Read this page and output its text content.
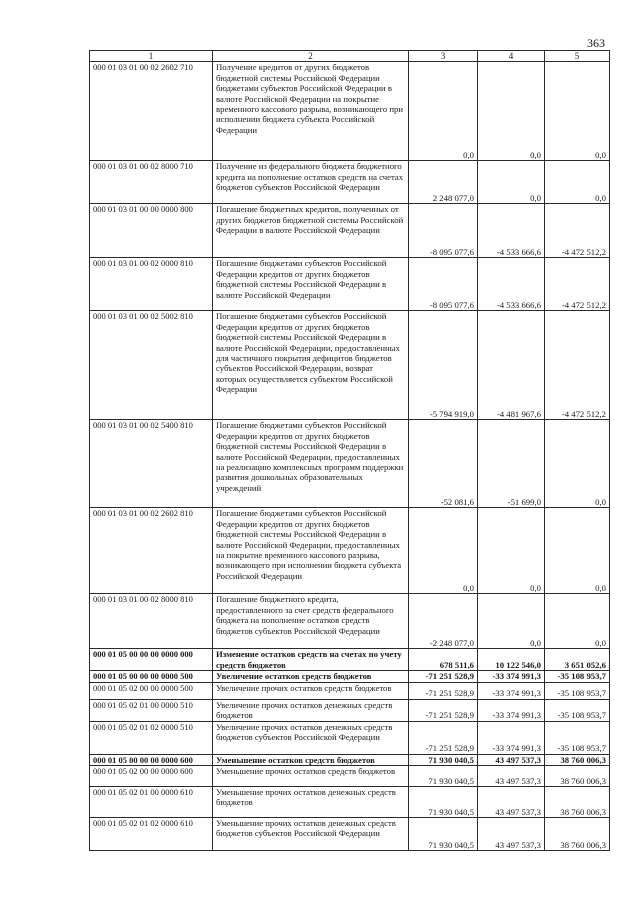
363
1	2	3	4	5
000 01 03 01 00 02 2602 710	Получение кредитов от других бюджетов бюджетной системы Российской Федерации бюджетами субъектов Российской Федерации в валюте Российской Федерации на покрытие временного кассового разрыва, возникающего при исполнении бюджета субъекта Российской Федерации	0,0	0,0	0,0
000 01 03 01 00 02 8000 710	Получение из федерального бюджета бюджетного кредита на пополнение остатков средств на счетах бюджетов субъектов Российской Федерации	2 248 077,0	0,0	0,0
000 01 03 01 00 00 0000 800	Погашение бюджетных кредитов, полученных от других бюджетов бюджетной системы Российской Федерации в валюте Российской Федерации	-8 095 077,6	-4 533 666,6	-4 472 512,2
000 01 03 01 00 02 0000 810	Погашение бюджетами субъектов Российской Федерации кредитов от других бюджетов бюджетной системы Российской Федерации в валюте Российской Федерации	-8 095 077,6	-4 533 666,6	-4 472 512,2
000 01 03 01 00 02 5002 810	Погашение бюджетами субъектов Российской Федерации кредитов от других бюджетов бюджетной системы Российской Федерации в валюте Российской Федерации, предоставленных для частичного покрытия дефицитов бюджетов субъектов Российской Федерации, возврат которых осуществляется субъектом Российской Федерации	-5 794 919,0	-4 481 967,6	-4 472 512,2
000 01 03 01 00 02 5400 810	Погашение бюджетами субъектов Российской Федерации кредитов от других бюджетов бюджетной системы Российской Федерации в валюте Российской Федерации, предоставленных на реализацию комплексных программ поддержки развития дошкольных образовательных учреждений	-52 081,6	-51 699,0	0,0
000 01 03 01 00 02 2602 810	Погашение бюджетами субъектов Российской Федерации кредитов от других бюджетов бюджетной системы Российской Федерации в валюте Российской Федерации, предоставленных на покрытие временного кассового разрыва, возникающего при исполнении бюджета субъекта Российской Федерации	0,0	0,0	0,0
000 01 03 01 00 02 8000 810	Погашение бюджетного кредита, предоставленного за счет средств федерального бюджета на пополнение остатков средств бюджетов субъектов Российской Федерации	-2 248 077,0	0,0	0,0
000 01 05 00 00 00 0000 000	Изменение остатков средств на счетах по учету средств бюджетов	678 511,6	10 122 546,0	3 651 052,6
000 01 05 00 00 00 0000 500	Увеличение остатков средств бюджетов	-71 251 528,9	-33 374 991,3	-35 108 953,7
000 01 05 02 00 00 0000 500	Увеличение прочих остатков средств бюджетов	-71 251 528,9	-33 374 991,3	-35 108 953,7
000 01 05 02 01 00 0000 510	Увеличение прочих остатков денежных средств бюджетов	-71 251 528,9	-33 374 991,3	-35 108 953,7
000 01 05 02 01 02 0000 510	Увеличение прочих остатков денежных средств бюджетов субъектов Российской Федерации	-71 251 528,9	-33 374 991,3	-35 108 953,7
000 01 05 00 00 00 0000 600	Уменьшение остатков средств бюджетов	71 930 040,5	43 497 537,3	38 760 006,3
000 01 05 02 00 00 0000 600	Уменьшение прочих остатков средств бюджетов	71 930 040,5	43 497 537,3	38 760 006,3
000 01 05 02 01 00 0000 610	Уменьшение прочих остатков денежных средств бюджетов	71 930 040,5	43 497 537,3	38 760 006,3
000 01 05 02 01 02 0000 610	Уменьшение прочих остатков денежных средств бюджетов субъектов Российской Федерации	71 930 040,5	43 497 537,3	38 760 006,3
